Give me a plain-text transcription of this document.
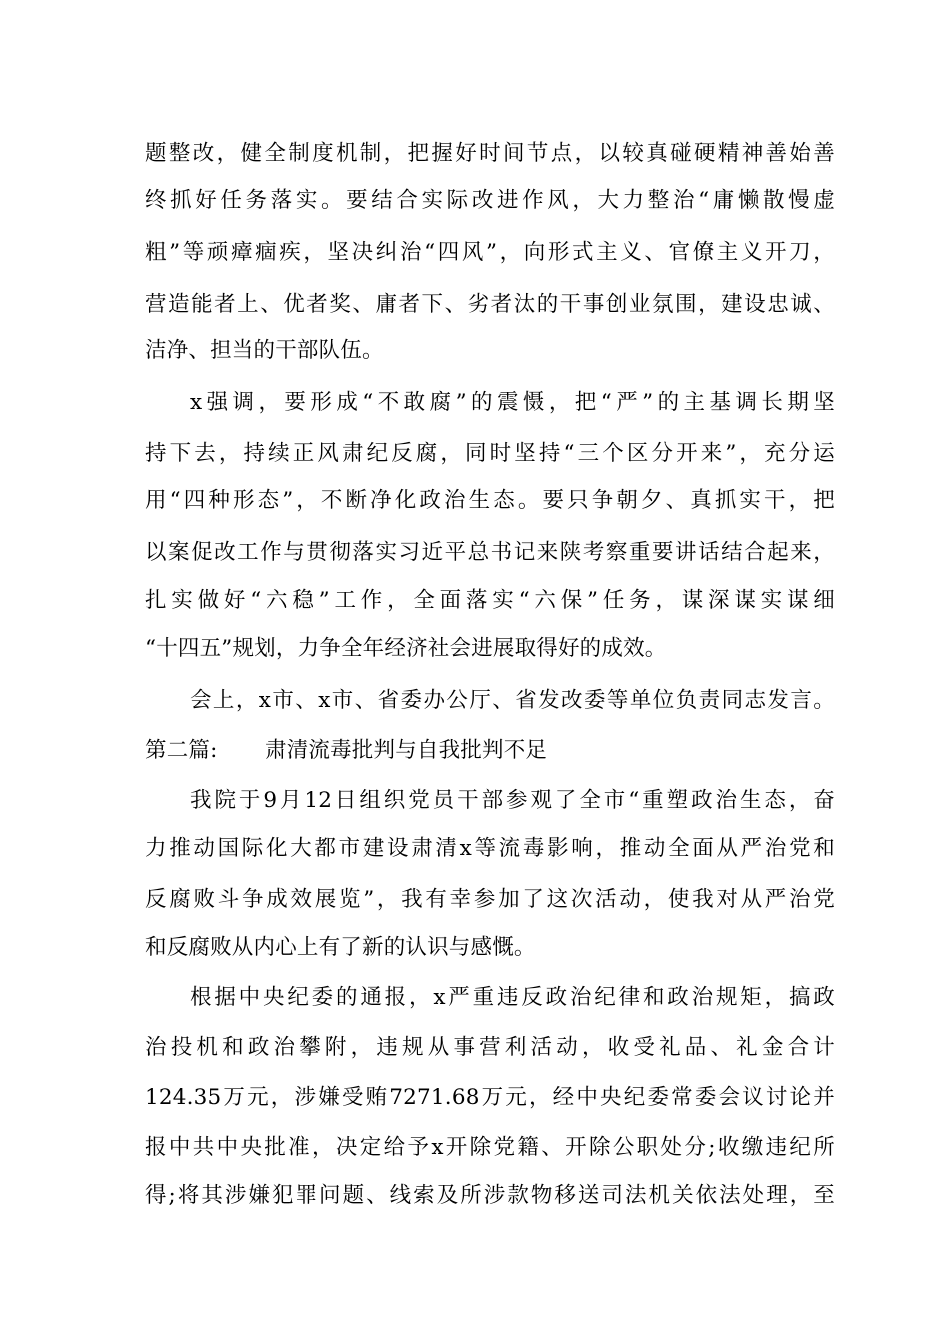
题整改，健全制度机制，把握好时间节点，以较真碰硬精神善始善
终抓好任务落实。要结合实际改进作风，大力整治“庸懒散慢虚
粗”等顽瘴痼疾，坚决纠治“四风”，向形式主义、官僚主义开刀，
营造能者上、优者奖、庸者下、劣者汰的干事创业氛围，建设忠诚、
洁净、担当的干部队伍。
x强调，要形成“不敢腐”的震慑，把“严”的主基调长期坚
持下去，持续正风肃纪反腐，同时坚持“三个区分开来”，充分运
用“四种形态”，不断净化政治生态。要只争朝夕、真抓实干，把
以案促改工作与贯彻落实习近平总书记来陕考察重要讲话结合起来，
扎实做好“六稳”工作，全面落实“六保”任务，谋深谋实谋细
“十四五”规划，力争全年经济社会进展取得好的成效。
会上，x市、x市、省委办公厅、省发改委等单位负责同志发言。
第二篇: 肃清流毒批判与自我批判不足
我院于9月12日组织党员干部参观了全市“重塑政治生态，奋
力推动国际化大都市建设肃清x等流毒影响，推动全面从严治党和
反腐败斗争成效展览”，我有幸参加了这次活动，使我对从严治党
和反腐败从内心上有了新的认识与感慨。
根据中央纪委的通报，x严重违反政治纪律和政治规矩，搞政
治投机和政治攀附，违规从事营利活动，收受礼品、礼金合计
124.35万元，涉嫌受贿7271.68万元，经中央纪委常委会议讨论并
报中共中央批准，决定给予x开除党籍、开除公职处分;收缴违纪所
得;将其涉嫌犯罪问题、线索及所涉款物移送司法机关依法处理，至
